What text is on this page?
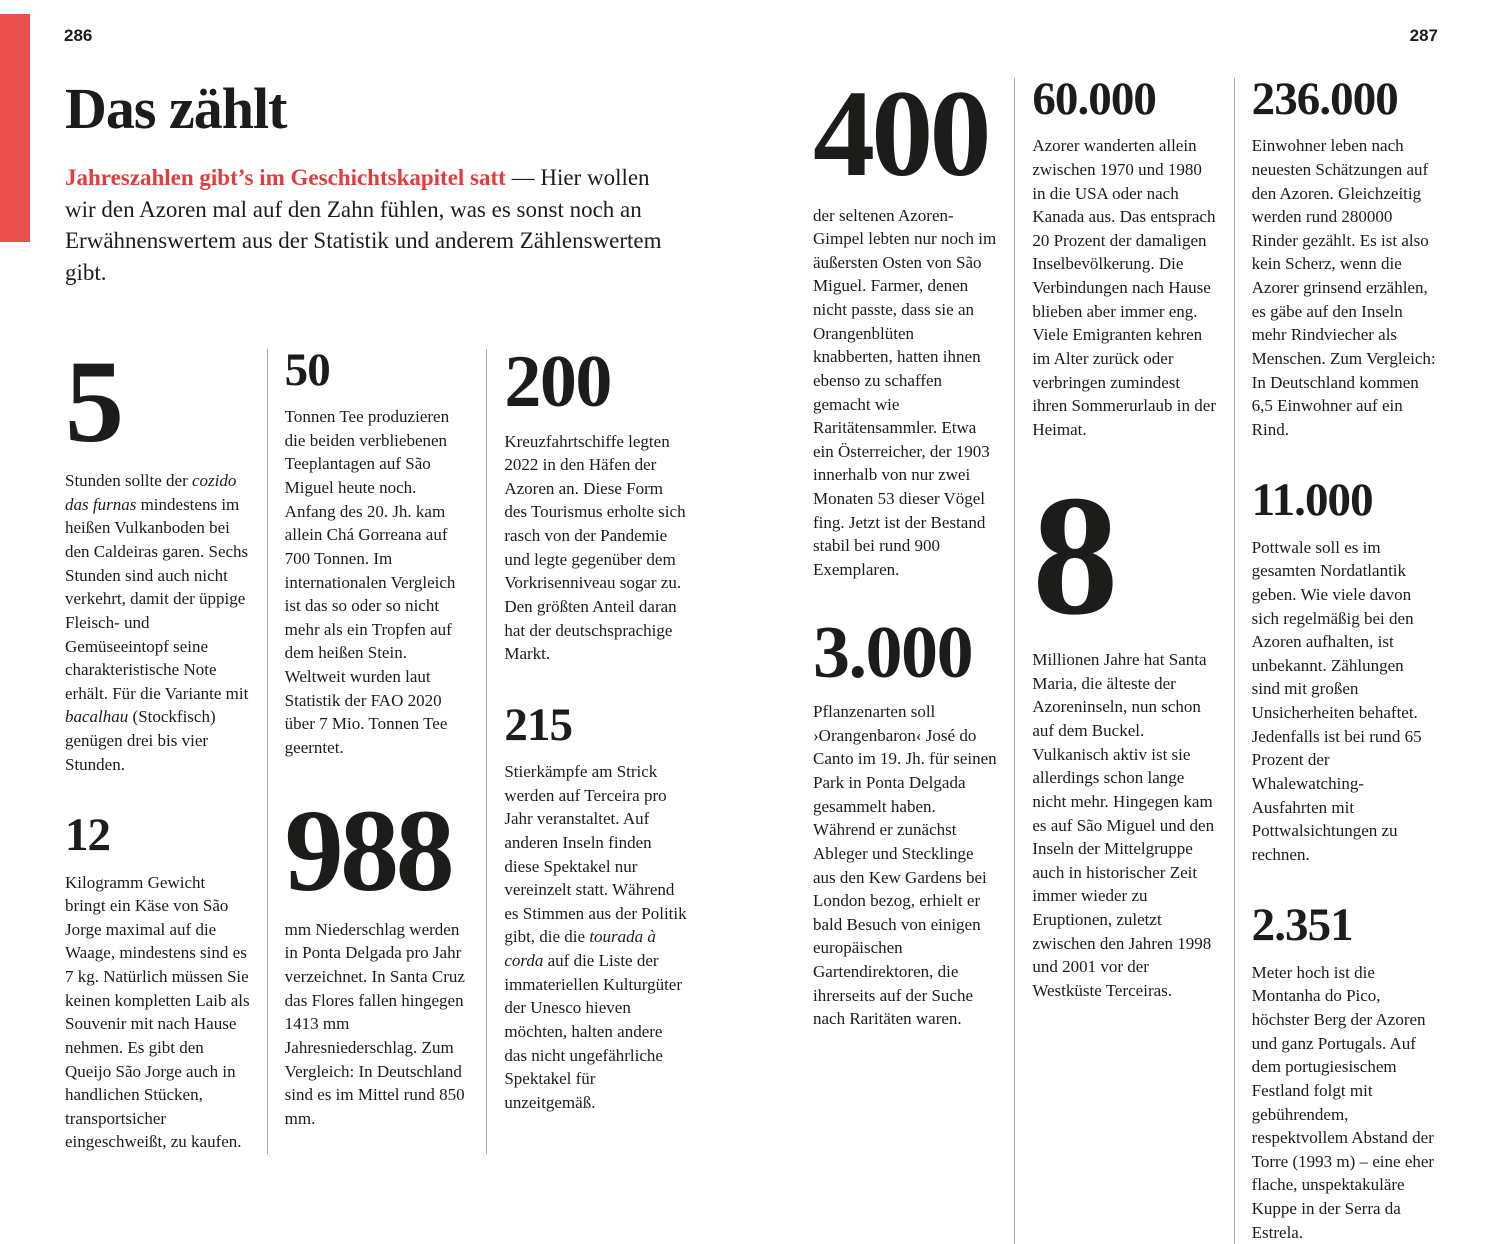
286	287
Das zählt

Jahreszahlen gibt’s im Geschichtskapitel satt — Hier wollen wir den Azoren mal auf den Zahn fühlen, was es sonst noch an Erwähnenswertem aus der Statistik und anderem Zählenswertem gibt.

5

Stunden sollte der cozido das furnas mindestens im heißen Vulkanboden bei den Caldeiras garen. Sechs Stunden sind auch nicht verkehrt, damit der üppige Fleisch- und Gemüseeintopf seine charakteristische Note erhält. Für die Variante mit bacalhau (Stockfisch) genügen drei bis vier Stunden.

12

Kilogramm Gewicht bringt ein Käse von São Jorge maximal auf die Waage, mindestens sind es 7 kg. Natürlich müssen Sie keinen kompletten Laib als Souvenir mit nach Hause nehmen. Es gibt den Queijo São Jorge auch in handlichen Stücken, transportsicher eingeschweißt, zu kaufen.

50

Tonnen Tee produzieren die beiden verbliebenen Teeplantagen auf São Miguel heute noch. Anfang des 20. Jh. kam allein Chá Gorreana auf 700 Tonnen. Im internationalen Vergleich ist das so oder so nicht mehr als ein Tropfen auf dem heißen Stein. Weltweit wurden laut Statistik der FAO 2020 über 7 Mio. Tonnen Tee geerntet.

988

mm Niederschlag werden in Ponta Delgada pro Jahr verzeichnet. In Santa Cruz das Flores fallen hingegen 1413 mm Jahresniederschlag. Zum Vergleich: In Deutschland sind es im Mittel rund 850 mm.

200

Kreuzfahrtschiffe legten 2022 in den Häfen der Azoren an. Diese Form des Tourismus erholte sich rasch von der Pandemie und legte gegenüber dem Vorkrisenniveau sogar zu. Den größten Anteil daran hat der deutschsprachige Markt.

215

Stierkämpfe am Strick werden auf Terceira pro Jahr veranstaltet. Auf anderen Inseln finden diese Spektakel nur vereinzelt statt. Während es Stimmen aus der Politik gibt, die die tourada à corda auf die Liste der immateriellen Kulturgüter der Unesco hieven möchten, halten andere das nicht ungefährliche Spektakel für unzeitgemäß.

400

der seltenen Azoren-Gimpel lebten nur noch im äußersten Osten von São Miguel. Farmer, denen nicht passte, dass sie an Orangenblüten knabberten, hatten ihnen ebenso zu schaffen gemacht wie Raritätensammler. Etwa ein Österreicher, der 1903 innerhalb von nur zwei Monaten 53 dieser Vögel fing. Jetzt ist der Bestand stabil bei rund 900 Exemplaren.

3.000

Pflanzenarten soll ›Orangenbaron‹ José do Canto im 19. Jh. für seinen Park in Ponta Delgada gesammelt haben. Während er zunächst Ableger und Stecklinge aus den Kew Gardens bei London bezog, erhielt er bald Besuch von einigen europäischen Gartendirektoren, die ihrerseits auf der Suche nach Raritäten waren.

60.000

Azorer wanderten allein zwischen 1970 und 1980 in die USA oder nach Kanada aus. Das entsprach 20 Prozent der damaligen Inselbevölkerung. Die Verbindungen nach Hause blieben aber immer eng. Viele Emigranten kehren im Alter zurück oder verbringen zumindest ihren Sommerurlaub in der Heimat.

8

Millionen Jahre hat Santa Maria, die älteste der Azoreninseln, nun schon auf dem Buckel. Vulkanisch aktiv ist sie allerdings schon lange nicht mehr. Hingegen kam es auf São Miguel und den Inseln der Mittelgruppe auch in historischer Zeit immer wieder zu Eruptionen, zuletzt zwischen den Jahren 1998 und 2001 vor der Westküste Terceiras.

236.000

Einwohner leben nach neuesten Schätzungen auf den Azoren. Gleichzeitig werden rund 280000 Rinder gezählt. Es ist also kein Scherz, wenn die Azorer grinsend erzählen, es gäbe auf den Inseln mehr Rindviecher als Menschen. Zum Vergleich: In Deutschland kommen 6,5 Einwohner auf ein Rind.

11.000

Pottwale soll es im gesamten Nordatlantik geben. Wie viele davon sich regelmäßig bei den Azoren aufhalten, ist unbekannt. Zählungen sind mit großen Unsicherheiten behaftet. Jedenfalls ist bei rund 65 Prozent der Whalewatching-Ausfahrten mit Pottwalsichtungen zu rechnen.

2.351

Meter hoch ist die Montanha do Pico, höchster Berg der Azoren und ganz Portugals. Auf dem portugiesischem Festland folgt mit gebührendem, respektvollem Abstand der Torre (1993 m) – eine eher flache, unspektakuläre Kuppe in der Serra da Estrela.
